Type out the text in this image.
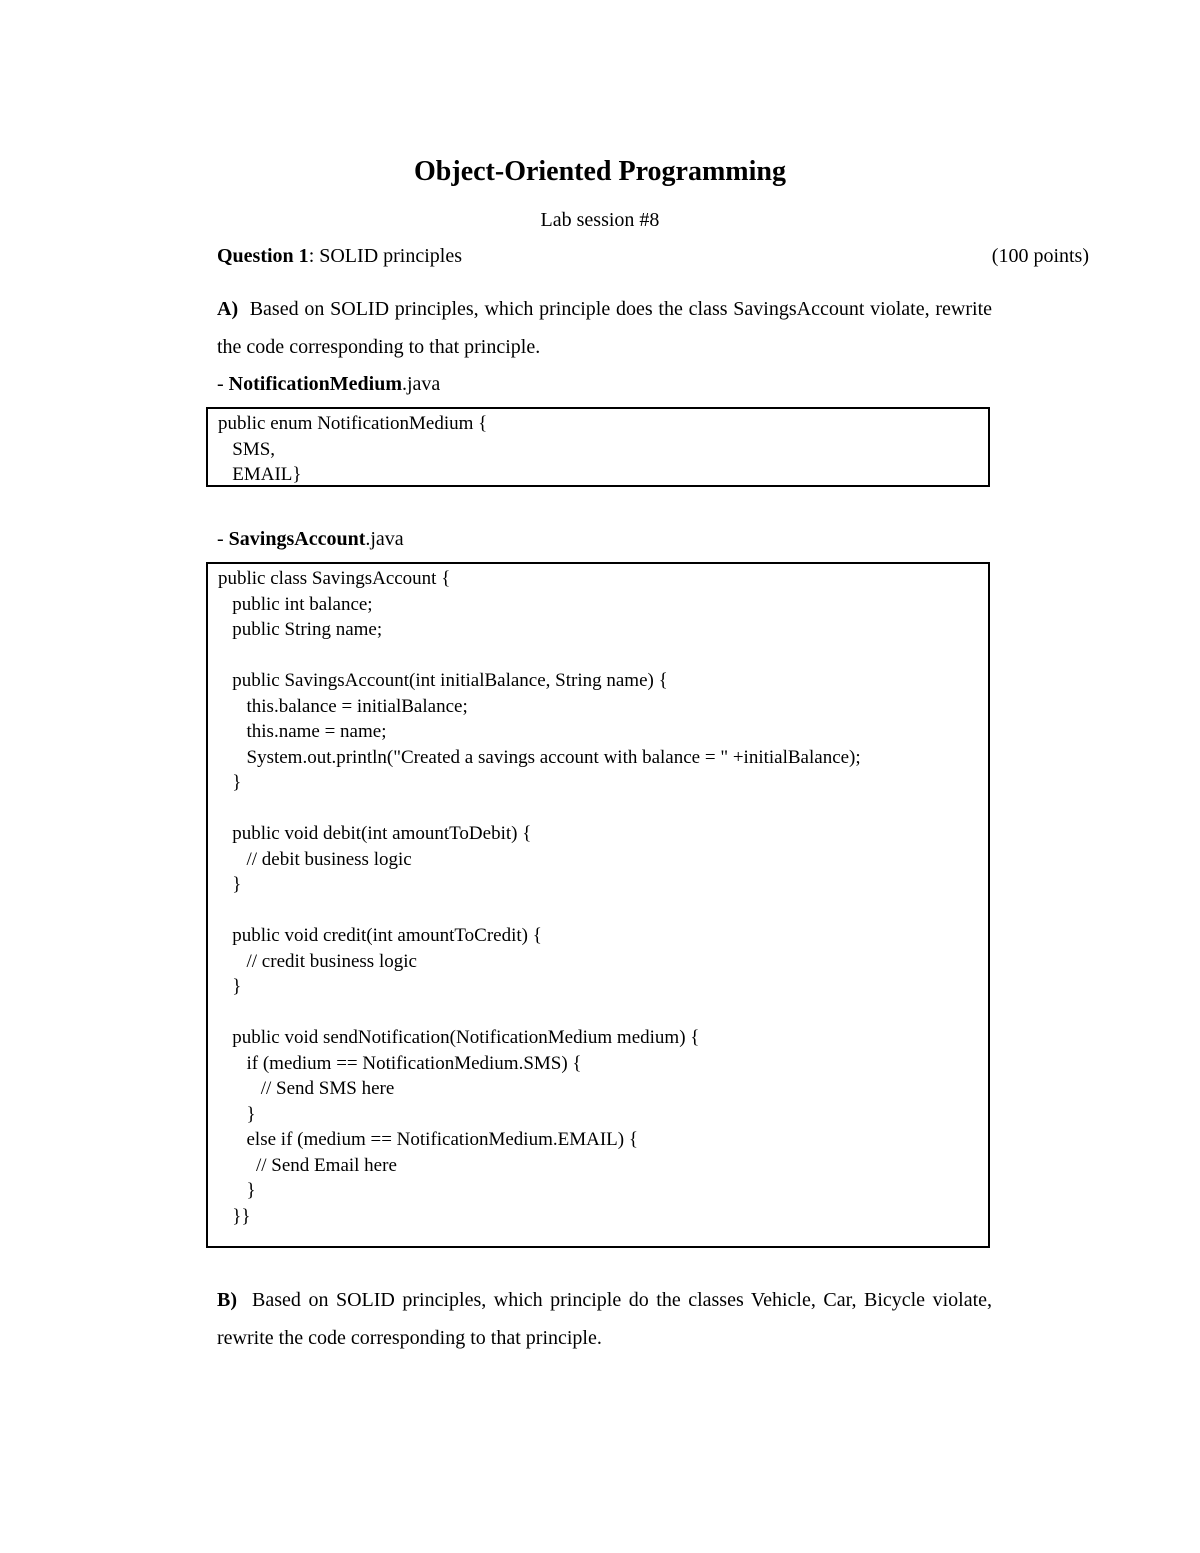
Object-Oriented Programming
Lab session #8
Question 1: SOLID principles	(100 points)
A) Based on SOLID principles, which principle does the class SavingsAccount violate, rewrite the code corresponding to that principle.
- NotificationMedium.java
public enum NotificationMedium {
SMS,
EMAIL}
- SavingsAccount.java
public class SavingsAccount {
public int balance;
public String name;
public SavingsAccount(int initialBalance, String name) {
this.balance = initialBalance;
this.name = name;
System.out.println("Created a savings account with balance = " +initialBalance);
}
public void debit(int amountToDebit) {
// debit business logic
}
public void credit(int amountToCredit) {
// credit business logic
}
public void sendNotification(NotificationMedium medium) {
if (medium == NotificationMedium.SMS) {
// Send SMS here
}
else if (medium == NotificationMedium.EMAIL) {
// Send Email here
}
}}
B) Based on SOLID principles, which principle do the classes Vehicle, Car, Bicycle violate, rewrite the code corresponding to that principle.
